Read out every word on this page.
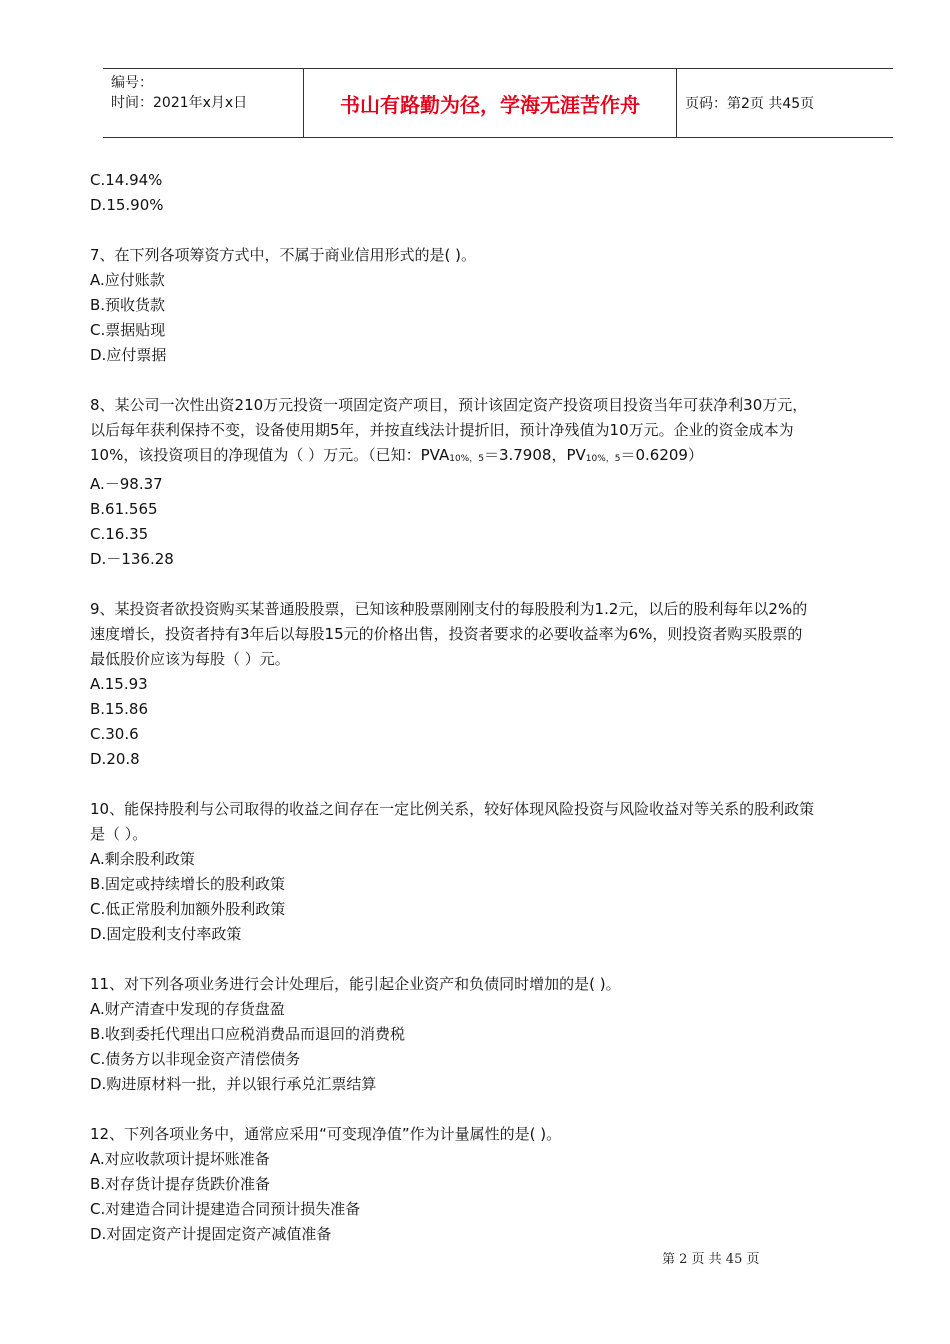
编号：
时间：2021年x月x日	书山有路勤为径，学海无涯苦作舟	页码：第2页 共45页
C.14.94%
D.15.90%
7、在下列各项筹资方式中，不属于商业信用形式的是( )。
A.应付账款
B.预收货款
C.票据贴现
D.应付票据
8、某公司一次性出资210万元投资一项固定资产项目，预计该固定资产投资项目投资当年可获净利30万元，
以后每年获利保持不变，设备使用期5年，并按直线法计提折旧，预计净残值为10万元。企业的资金成本为
10%，该投资项目的净现值为（ ）万元。（已知：$PVA_{10\%,5}=3.7908$，$PV_{10\%,5}=0.6209$）
A.－98.37
B.61.565
C.16.35
D.－136.28
9、某投资者欲投资购买某普通股股票，已知该种股票刚刚支付的每股股利为1.2元，以后的股利每年以2%的
速度增长，投资者持有3年后以每股15元的价格出售，投资者要求的必要收益率为6%，则投资者购买股票的
最低股价应该为每股（ ）元。
A.15.93
B.15.86
C.30.6
D.20.8
10、能保持股利与公司取得的收益之间存在一定比例关系，较好体现风险投资与风险收益对等关系的股利政策
是（ ）。
A.剩余股利政策
B.固定或持续增长的股利政策
C.低正常股利加额外股利政策
D.固定股利支付率政策
11、对下列各项业务进行会计处理后，能引起企业资产和负债同时增加的是( )。
A.财产清查中发现的存货盘盈
B.收到委托代理出口应税消费品而退回的消费税
C.债务方以非现金资产清偿债务
D.购进原材料一批，并以银行承兑汇票结算
12、下列各项业务中，通常应采用“可变现净值”作为计量属性的是( )。
A.对应收款项计提坏账准备
B.对存货计提存货跌价准备
C.对建造合同计提建造合同预计损失准备
D.对固定资产计提固定资产减值准备
第 2 页 共 45 页
